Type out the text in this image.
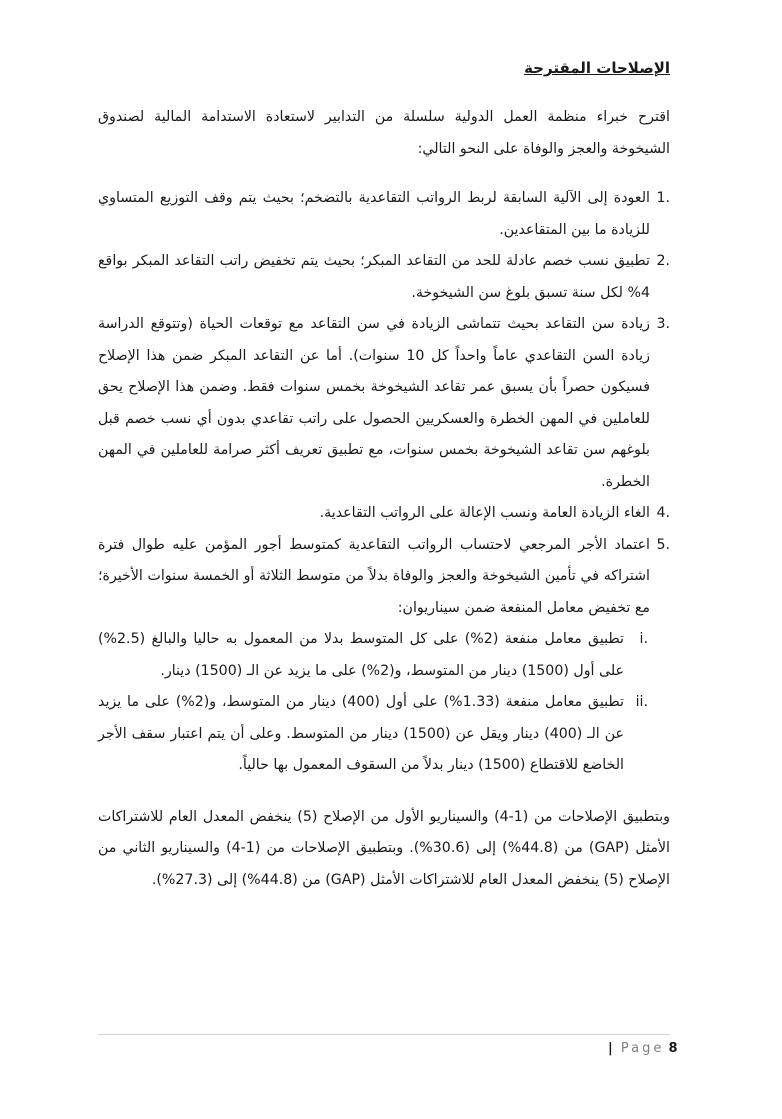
الإصلاحات المقترحة

اقترح خبراء منظمة العمل الدولية سلسلة من التدابير لاستعادة الاستدامة المالية لصندوق الشيخوخة والعجز والوفاة على النحو التالي:

.1

العودة إلى الآلية السابقة لربط الرواتب التقاعدية بالتضخم؛ بحيث يتم وقف التوزيع المتساوي للزيادة ما بين المتقاعدين.

.2

تطبيق نسب خصم عادلة للحد من التقاعد المبكر؛ بحيث يتم تخفيض راتب التقاعد المبكر بواقع 4% لكل سنة تسبق بلوغ سن الشيخوخة.

.3

زيادة سن التقاعد بحيث تتماشى الزيادة في سن التقاعد مع توقعات الحياة (وتتوقع الدراسة زيادة السن التقاعدي عاماً واحداً كل 10 سنوات). أما عن التقاعد المبكر ضمن هذا الإصلاح فسيكون حصراً بأن يسبق عمر تقاعد الشيخوخة بخمس سنوات فقط. وضمن هذا الإصلاح يحق للعاملين في المهن الخطرة والعسكريين الحصول على راتب تقاعدي بدون أي نسب خصم قبل بلوغهم سن تقاعد الشيخوخة بخمس سنوات، مع تطبيق تعريف أكثر صرامة للعاملين في المهن الخطرة.

.4

الغاء الزيادة العامة ونسب الإعالة على الرواتب التقاعدية.

.5

اعتماد الأجر المرجعي لاحتساب الرواتب التقاعدية كمتوسط أجور المؤمن عليه طوال فترة اشتراكه في تأمين الشيخوخة والعجز والوفاة بدلاً من متوسط الثلاثة أو الخمسة سنوات الأخيرة؛ مع تخفيض معامل المنفعة ضمن سيناريوان:

.i

تطبيق معامل منفعة (2%) على كل المتوسط بدلا من المعمول به حاليا والبالغ (2.5%) على أول (1500) دينار من المتوسط، و(2%) على ما يزيد عن الـ (1500) دينار.

.ii

تطبيق معامل منفعة (1.33%) على أول (400) دينار من المتوسط، و(2%) على ما يزيد عن الـ (400) دينار ويقل عن (1500) دينار من المتوسط. وعلى أن يتم اعتبار سقف الأجر الخاضع للاقتطاع (1500) دينار بدلاً من السقوف المعمول بها حالياً.

وبتطبيق الإصلاحات من (1-4) والسيناريو الأول من الإصلاح (5) ينخفض المعدل العام للاشتراكات الأمثل (GAP) من (44.8%) إلى (30.6%). وبتطبيق الإصلاحات من (1-4) والسيناريو الثاني من الإصلاح (5) ينخفض المعدل العام للاشتراكات الأمثل (GAP) من (44.8%) إلى (27.3%).

| Page 8
